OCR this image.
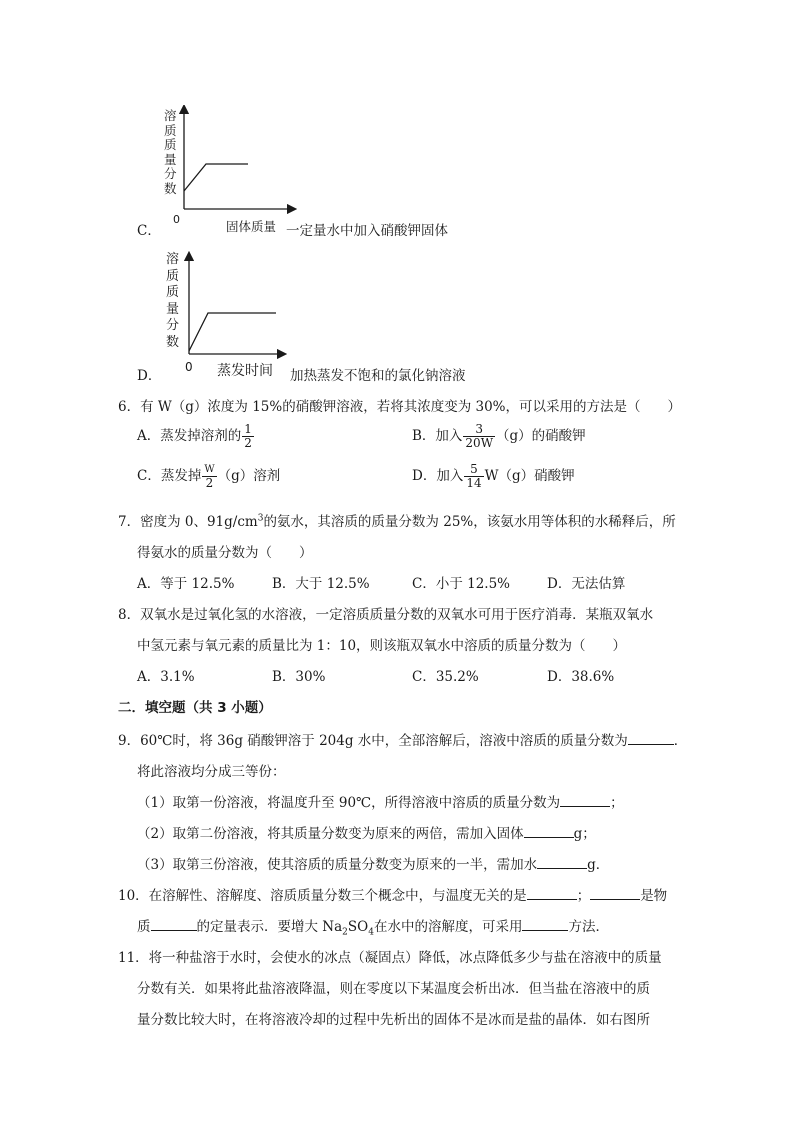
溶
质
质
量
分
数
0	固体质量 一定量水中加入硝酸钾固体
C．
溶
质
质
量
分
数
0 蒸发时间 加热蒸发不饱和的氯化钠溶液
D．
6．有 W（g）浓度为 15%的硝酸钾溶液，若将其浓度变为 30%，可以采用的方法是（　　）
A．蒸发掉溶剂的 $\frac{1}{2}$	B．加入 $\frac{3}{20W} (g)$的硝酸钾
C．蒸发掉 $\frac{W}{2} (g)$溶剂	D．加入 $\frac{5}{14} W(g)$硝酸钾
7．密度为 0、$91g/cm^3$的氨水，其溶质的质量分数为 25%，该氨水用等体积的水稀释后，所
得氨水的质量分数为（　　）
A．等于 12.5%	B．大于 12.5%	C．小于 12.5%	D．无法估算
8．双氧水是过氧化氢的水溶液，一定溶质质量分数的双氧水可用于医疗消毒．某瓶双氧水
中氢元素与氧元素的质量比为 1：10，则该瓶双氧水中溶质的质量分数为（　　）
A．3.1%	B．30%	C．35.2%	D．38.6%
二．填空题（共 3 小题）
9．60℃时，将 36g 硝酸钾溶于 204g 水中，全部溶解后，溶液中溶质的质量分数为	．
将此溶液均分成三等份：
（1）取第一份溶液，将温度升至 90℃，所得溶液中溶质的质量分数为	；
（2）取第二份溶液，将其质量分数变为原来的两倍，需加入固体	g；
（3）取第三份溶液，使其溶质的质量分数变为原来的一半，需加水	g．
10．在溶解性、溶解度、溶质质量分数三个概念中，与温度无关的是	；	是物
质	的定量表示．要增大 $Na_2SO_4$在水中的溶解度，可采用	方法．
11．将一种盐溶于水时，会使水的冰点（凝固点）降低，冰点降低多少与盐在溶液中的质量
分数有关．如果将此盐溶液降温，则在零度以下某温度会析出冰．但当盐在溶液中的质
量分数比较大时，在将溶液冷却的过程中先析出的固体不是冰而是盐的晶体．如右图所
